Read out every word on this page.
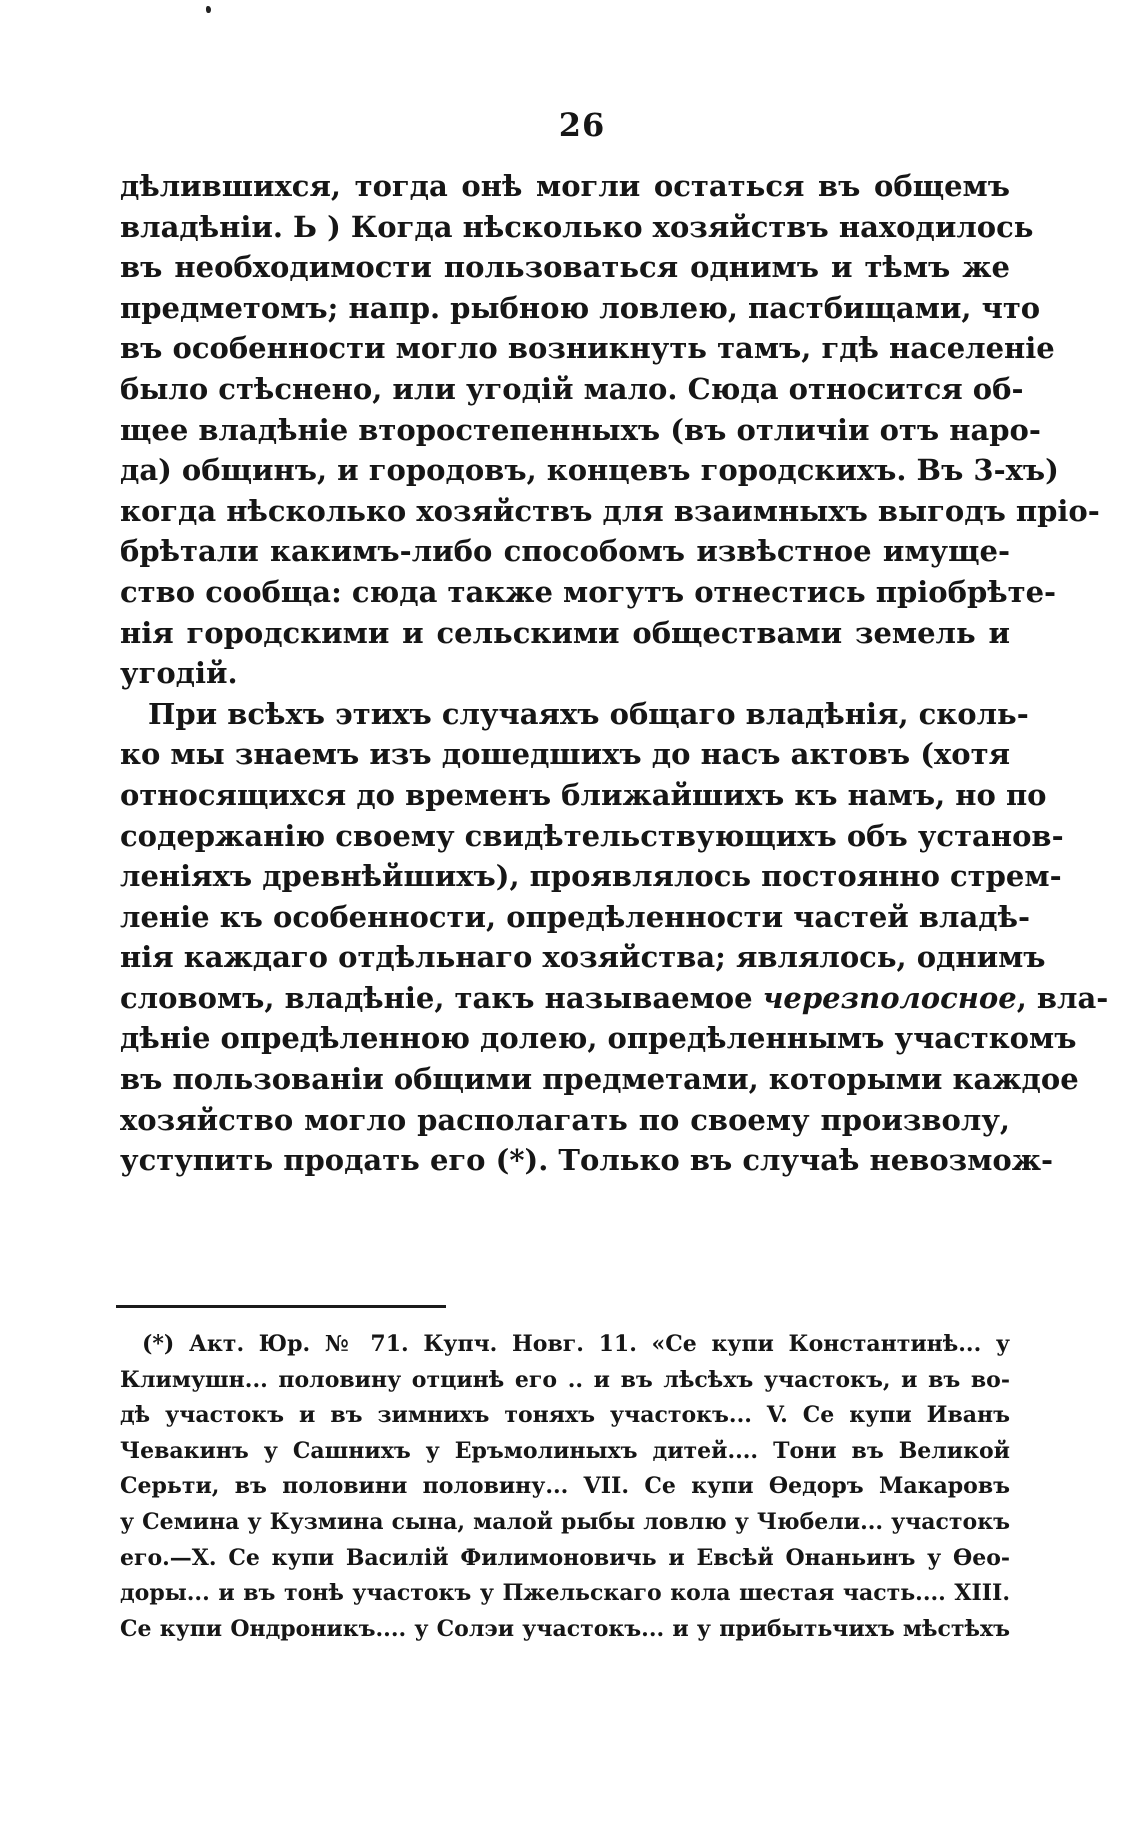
26
дѣлившихся, тогда онѣ могли остаться въ общемъ
владѣніи. Ь ) Когда нѣсколько хозяйствъ находилось
въ необходимости пользоваться однимъ и тѣмъ же
предметомъ; напр. рыбною ловлею, пастбищами, что
въ особенности могло возникнуть тамъ, гдѣ населеніе
было стѣснено, или угодій мало. Сюда относится об-
щее владѣніе второстепенныхъ (въ отличіи отъ наро-
да) общинъ, и городовъ, концевъ городскихъ. Въ 3-хъ)
когда нѣсколько хозяйствъ для взаимныхъ выгодъ пріо-
брѣтали какимъ-либо способомъ извѣстное имуще-
ство сообща: сюда также могутъ отнестись пріобрѣте-
нія городскими и сельскими обществами земель и
угодій.
При всѣхъ этихъ случаяхъ общаго владѣнія, сколь-
ко мы знаемъ изъ дошедшихъ до насъ актовъ (хотя
относящихся до временъ ближайшихъ къ намъ, но по
содержанію своему свидѣтельствующихъ объ установ-
леніяхъ древнѣйшихъ), проявлялось постоянно стрем-
леніе къ особенности, опредѣленности частей владѣ-
нія каждаго отдѣльнаго хозяйства; являлось, однимъ
словомъ, владѣніе, такъ называемое черезполосное, вла-
дѣніе опредѣленною долею, опредѣленнымъ участкомъ
въ пользованіи общими предметами, которыми каждое
хозяйство могло располагать по своему произволу,
уступить продать его (*). Только въ случаѣ невозмож-
(*) Акт. Юр. № 71. Купч. Новг. 11. «Се купи Константинѣ... у
Климушн... половину отцинѣ его .. и въ лѣсѣхъ участокъ, и въ во-
дѣ участокъ и въ зимнихъ тоняхъ участокъ... V. Се купи Иванъ
Чевакинъ у Сашнихъ у Еръмолиныхъ дитей.... Тони въ Великой
Серьти, въ половини половину... VII. Се купи Өедоръ Макаровъ
у Семина у Кузмина сына, малой рыбы ловлю у Чюбели... участокъ
его.—X. Се купи Василій Филимоновичь и Евсѣй Онаньинъ у Өео-
доры... и въ тонѣ участокъ у Пжельскаго кола шестая часть.... XIII.
Се купи Ондроникъ.... у Солэи участокъ... и у прибытьчихъ мѣстѣхъ
